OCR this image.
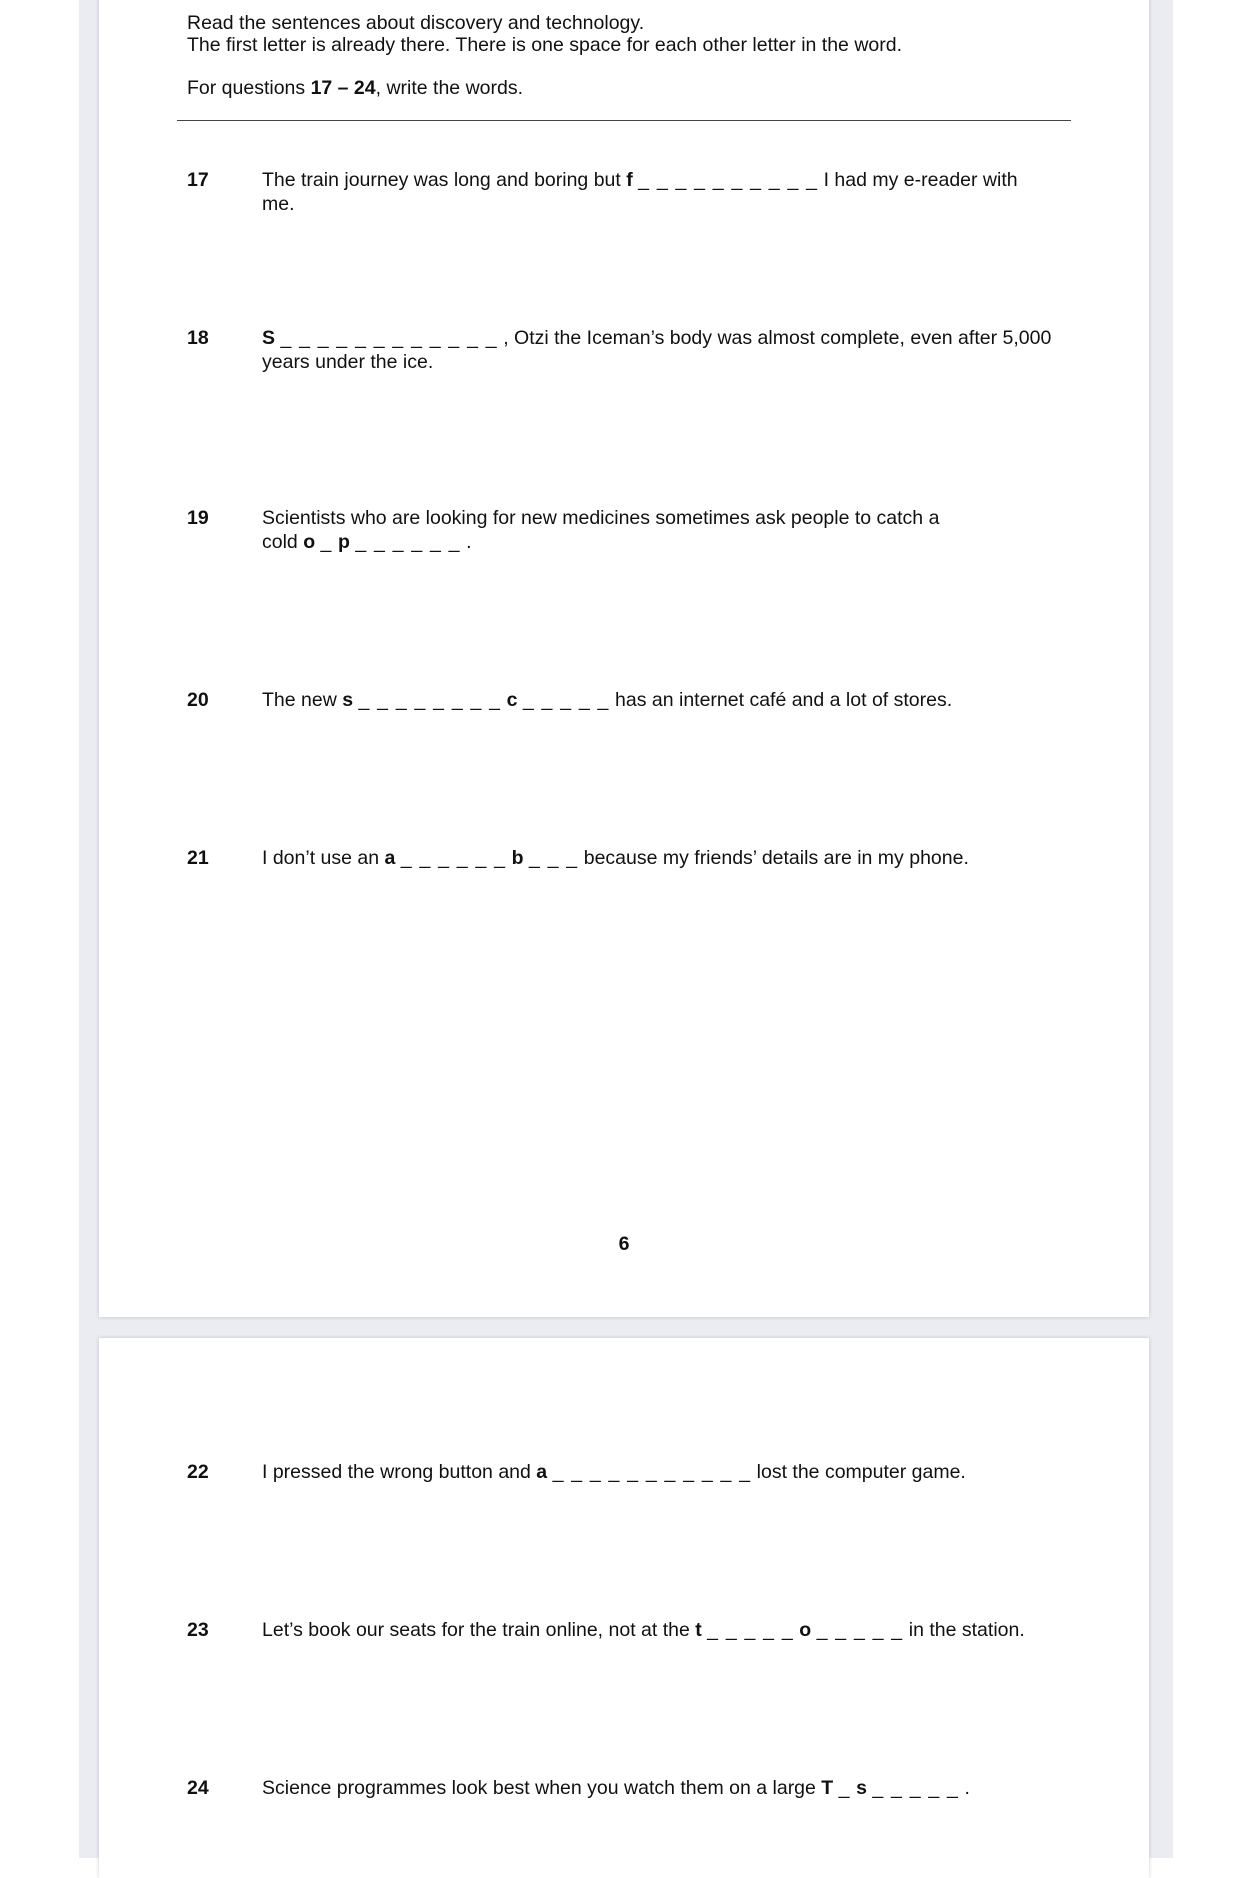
Read the sentences about discovery and technology.
The first letter is already there. There is one space for each other letter in the word.
For questions 17 – 24, write the words.
17	The train journey was long and boring but f _ _ _ _ _ _ _ _ _ _ I had my e-reader with me.
18	S _ _ _ _ _ _ _ _ _ _ _ _ , Otzi the Iceman’s body was almost complete, even after 5,000
years under the ice.
19	Scientists who are looking for new medicines sometimes ask people to catch a
cold o _ p _ _ _ _ _ _ .
20	The new s _ _ _ _ _ _ _ _ c _ _ _ _ _ has an internet café and a lot of stores.
21	I don’t use an a _ _ _ _ _ _ b _ _ _ because my friends’ details are in my phone.
6
22	I pressed the wrong button and a _ _ _ _ _ _ _ _ _ _ _ lost the computer game.
23	Let’s book our seats for the train online, not at the t _ _ _ _ _ o _ _ _ _ _ in the station.
24	Science programmes look best when you watch them on a large T _ s _ _ _ _ _ .
